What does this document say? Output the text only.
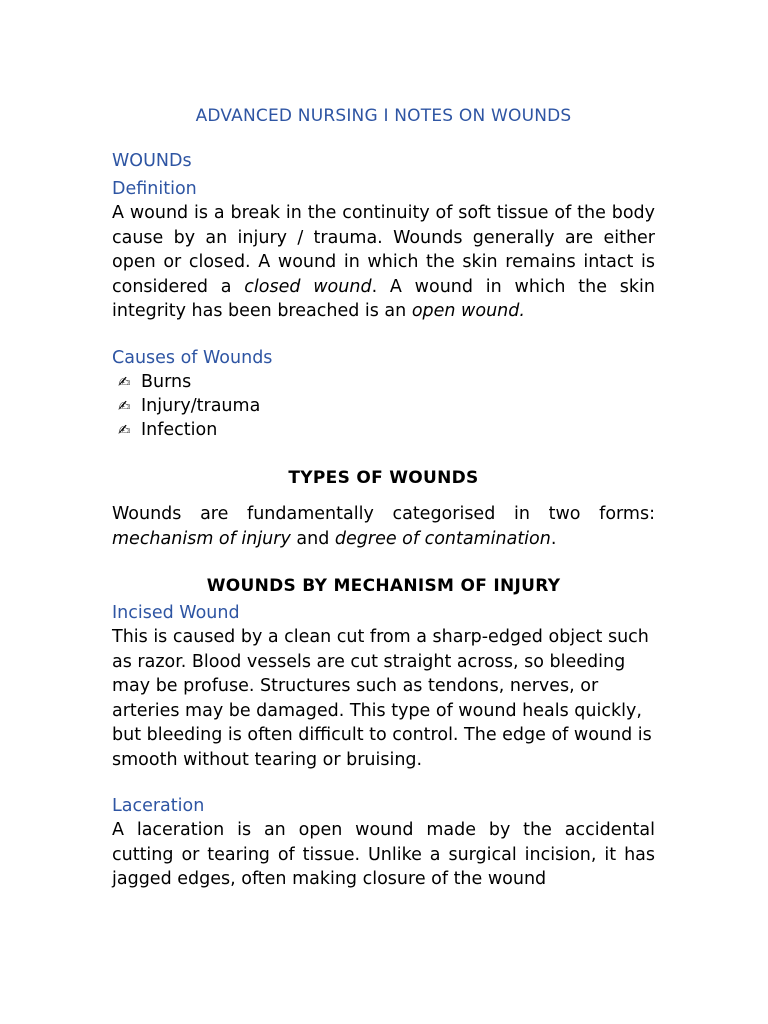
ADVANCED NURSING I NOTES ON WOUNDS

WOUNDs

Definition

A wound is a break in the continuity of soft tissue of the body cause by an injury / trauma. Wounds generally are either open or closed. A wound in which the skin remains intact is considered a closed wound. A wound in which the skin integrity has been breached is an open wound.

Causes of Wounds

✍ Burns
✍ Injury/trauma
✍ Infection

TYPES OF WOUNDS

Wounds are fundamentally categorised in two forms: mechanism of injury and degree of contamination.

WOUNDS BY MECHANISM OF INJURY

Incised Wound

This is caused by a clean cut from a sharp-edged object such as razor. Blood vessels are cut straight across, so bleeding may be profuse. Structures such as tendons, nerves, or arteries may be damaged. This type of wound heals quickly, but bleeding is often difficult to control. The edge of wound is smooth without tearing or bruising.

Laceration

A laceration is an open wound made by the accidental cutting or tearing of tissue. Unlike a surgical incision, it has jagged edges, often making closure of the wound
